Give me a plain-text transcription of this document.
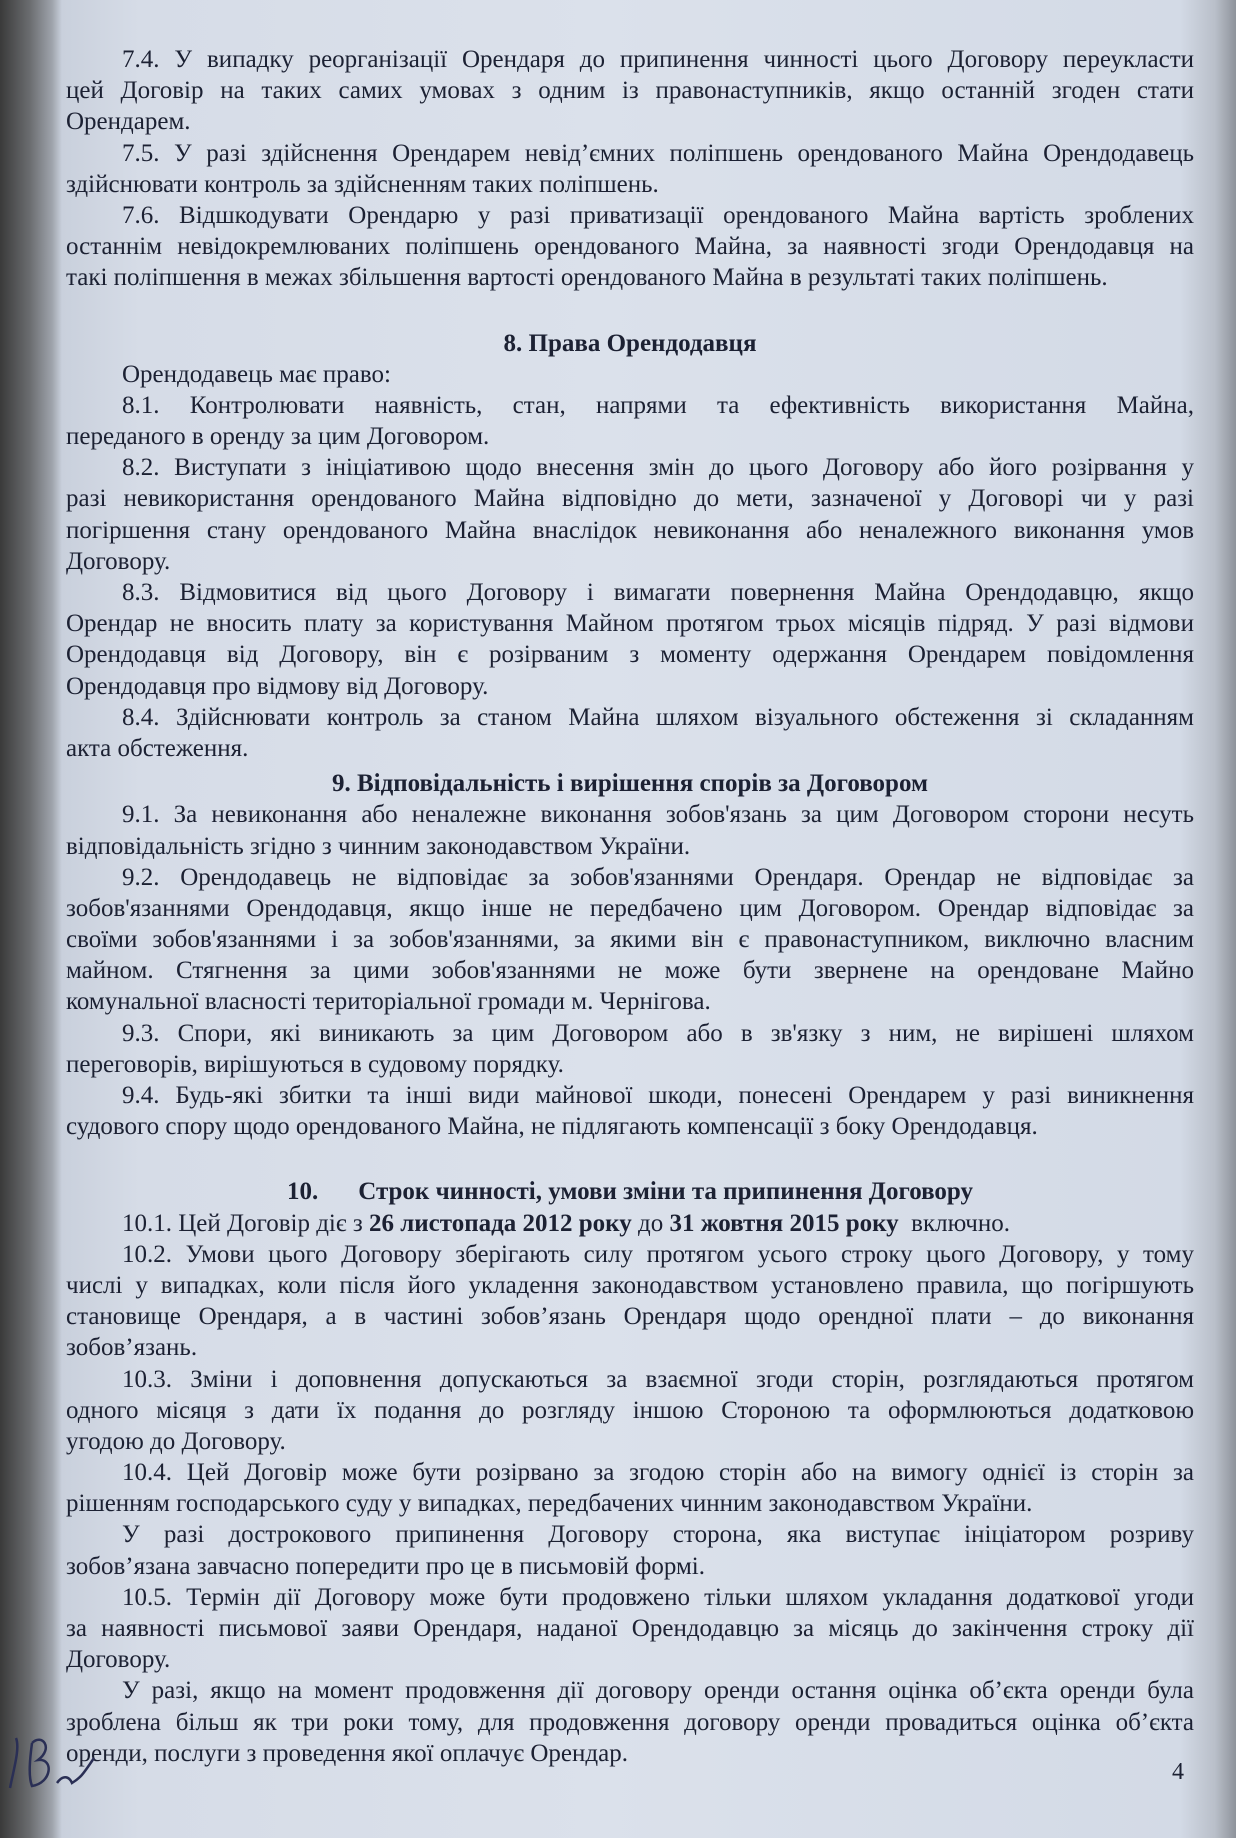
7.4. У випадку реорганізації Орендаря до припинення чинності цього Договору переукласти
цей Договір на таких самих умовах з одним із правонаступників, якщо останній згоден стати
Орендарем.
7.5. У разі здійснення Орендарем невід’ємних поліпшень орендованого Майна Орендодавець
здійснювати контроль за здійсненням таких поліпшень.
7.6. Відшкодувати Орендарю у разі приватизації орендованого Майна вартість зроблених
останнім невідокремлюваних поліпшень орендованого Майна, за наявності згоди Орендодавця на
такі поліпшення в межах збільшення вартості орендованого Майна в результаті таких поліпшень.
8. Права Орендодавця
Орендодавець має право:
8.1. Контролювати наявність, стан, напрями та ефективність використання Майна,
переданого в оренду за цим Договором.
8.2. Виступати з ініціативою щодо внесення змін до цього Договору або його розірвання у
разі невикористання орендованого Майна відповідно до мети, зазначеної у Договорі чи у разі
погіршення стану орендованого Майна внаслідок невиконання або неналежного виконання умов
Договору.
8.3. Відмовитися від цього Договору і вимагати повернення Майна Орендодавцю, якщо
Орендар не вносить плату за користування Майном протягом трьох місяців підряд. У разі відмови
Орендодавця від Договору, він є розірваним з моменту одержання Орендарем повідомлення
Орендодавця про відмову від Договору.
8.4. Здійснювати контроль за станом Майна шляхом візуального обстеження зі складанням
акта обстеження.
9. Відповідальність і вирішення спорів за Договором
9.1. За невиконання або неналежне виконання зобов'язань за цим Договором сторони несуть
відповідальність згідно з чинним законодавством України.
9.2. Орендодавець не відповідає за зобов'язаннями Орендаря. Орендар не відповідає за
зобов'язаннями Орендодавця, якщо інше не передбачено цим Договором. Орендар відповідає за
своїми зобов'язаннями і за зобов'язаннями, за якими він є правонаступником, виключно власним
майном. Стягнення за цими зобов'язаннями не може бути звернене на орендоване Майно
комунальної власності територіальної громади м. Чернігова.
9.3. Спори, які виникають за цим Договором або в зв'язку з ним, не вирішені шляхом
переговорів, вирішуються в судовому порядку.
9.4. Будь-які збитки та інші види майнової шкоди, понесені Орендарем у разі виникнення
судового спору щодо орендованого Майна, не підлягають компенсації з боку Орендодавця.
10. Строк чинності, умови зміни та припинення Договору
10.1. Цей Договір діє з 26 листопада 2012 року до 31 жовтня 2015 року  включно.
10.2. Умови цього Договору зберігають силу протягом усього строку цього Договору, у тому
числі у випадках, коли після його укладення законодавством установлено правила, що погіршують
становище Орендаря, а в частині зобов’язань Орендаря щодо орендної плати – до виконання
зобов’язань.
10.3. Зміни і доповнення допускаються за взаємної згоди сторін, розглядаються протягом
одного місяця з дати їх подання до розгляду іншою Стороною та оформлюються додатковою
угодою до Договору.
10.4. Цей Договір може бути розірвано за згодою сторін або на вимогу однієї із сторін за
рішенням господарського суду у випадках, передбачених чинним законодавством України.
У разі дострокового припинення Договору сторона, яка виступає ініціатором розриву
зобов’язана завчасно попередити про це в письмовій формі.
10.5. Термін дії Договору може бути продовжено тільки шляхом укладання додаткової угоди
за наявності письмової заяви Орендаря, наданої Орендодавцю за місяць до закінчення строку дії
Договору.
У разі, якщо на момент продовження дії договору оренди остання оцінка об’єкта оренди була
зроблена більш як три роки тому, для продовження договору оренди провадиться оцінка об’єкта
оренди, послуги з проведення якої оплачує Орендар.
4
